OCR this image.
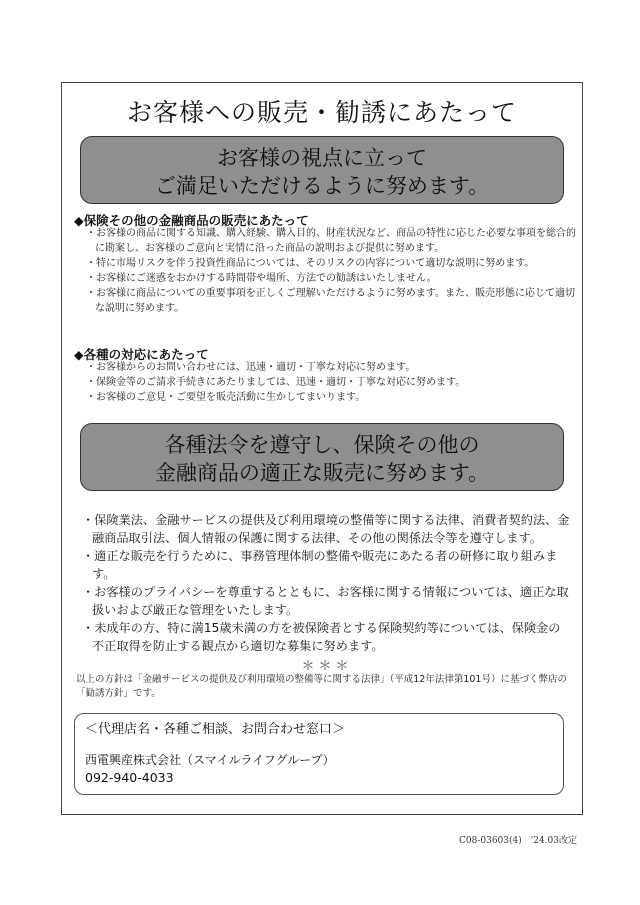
お客様への販売・勧誘にあたって
お客様の視点に立って
ご満足いただけるように努めます。
◆保険その他の金融商品の販売にあたって
・お客様の商品に関する知識、購入経験、購入目的、財産状況など、商品の特性に応じた必要な事項を総合的に勘案し、お客様のご意向と実情に沿った商品の説明および提供に努めます。
・特に市場リスクを伴う投資性商品については、そのリスクの内容について適切な説明に努めます。
・お客様にご迷惑をおかけする時間帯や場所、方法での勧誘はいたしません。
・お客様に商品についての重要事項を正しくご理解いただけるように努めます。また、販売形態に応じて適切な説明に努めます。
◆各種の対応にあたって
・お客様からのお問い合わせには、迅速・適切・丁寧な対応に努めます。
・保険金等のご請求手続きにあたりましては、迅速・適切・丁寧な対応に努めます。
・お客様のご意見・ご要望を販売活動に生かしてまいります。
各種法令を遵守し、保険その他の
金融商品の適正な販売に努めます。
・保険業法、金融サービスの提供及び利用環境の整備等に関する法律、消費者契約法、金融商品取引法、個人情報の保護に関する法律、その他の関係法令等を遵守します。
・適正な販売を行うために、事務管理体制の整備や販売にあたる者の研修に取り組みます。
・お客様のプライバシーを尊重するとともに、お客様に関する情報については、適正な取扱いおよび厳正な管理をいたします。
・未成年の方、特に満15歳未満の方を被保険者とする保険契約等については、保険金の不正取得を防止する観点から適切な募集に努めます。
＊＊＊
以上の方針は「金融サービスの提供及び利用環境の整備等に関する法律」（平成12年法律第101号）に基づく弊店の「勧誘方針」です。
＜代理店名・各種ご相談、お問合わせ窓口＞
西電興産株式会社（スマイルライフグループ）
092-940-4033
C08-03603(4)　'24.03改定
